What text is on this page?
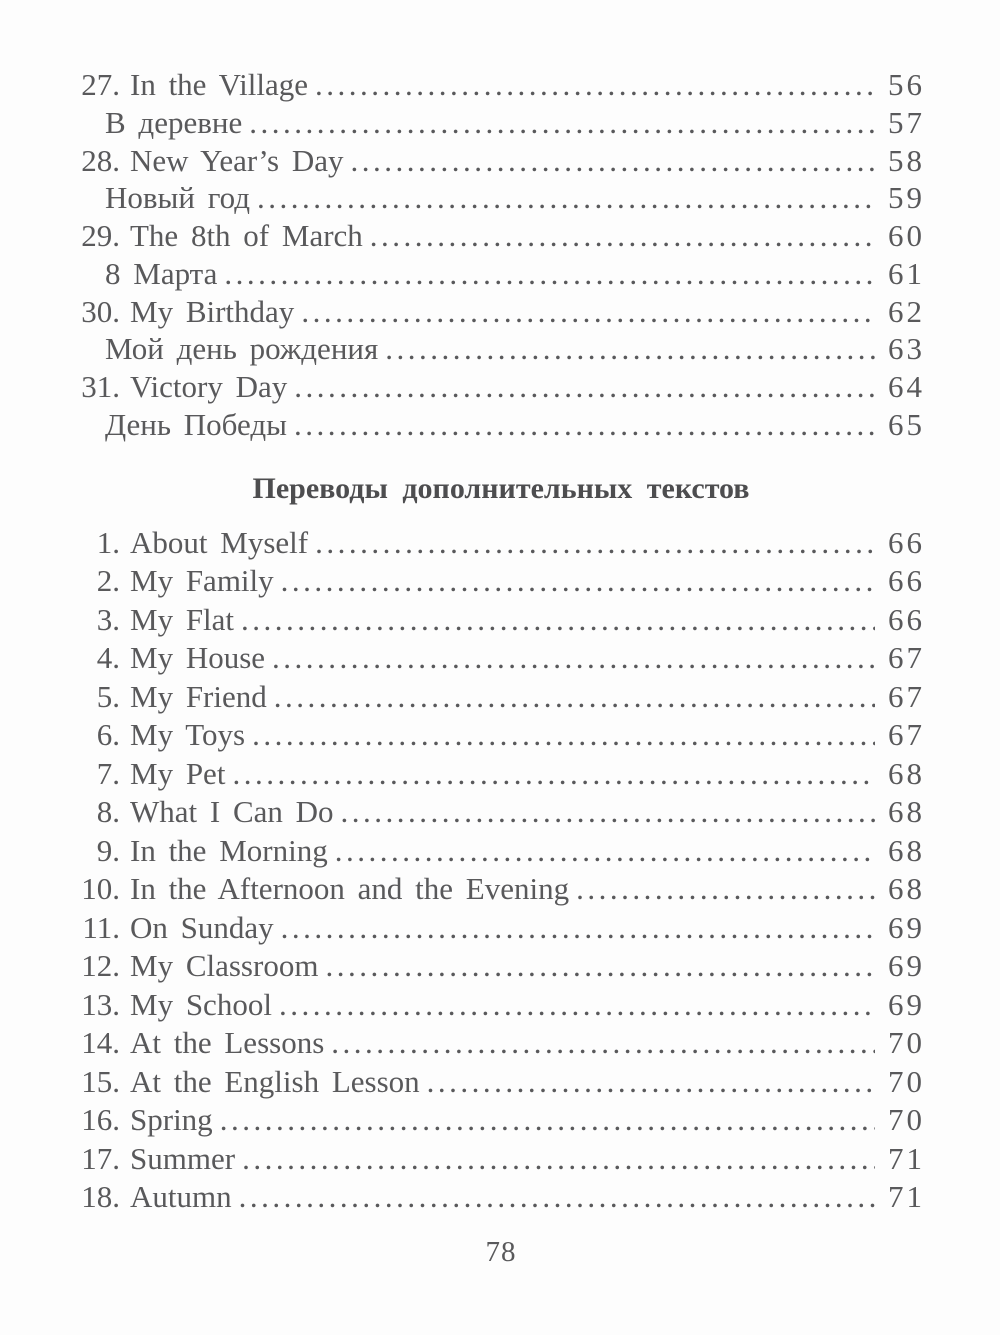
27. In the Village .....	56
В деревне .....	57
28. New Year’s Day .....	58
Новый год .....	59
29. The 8th of March .....	60
8 Марта .....	61
30. My Birthday .....	62
Мой день рождения .....	63
31. Victory Day .....	64
День Победы .....	65
Переводы дополнительных текстов
1. About Myself .....	66
2. My Family .....	66
3. My Flat .....	66
4. My House .....	67
5. My Friend .....	67
6. My Toys .....	67
7. My Pet .....	68
8. What I Can Do .....	68
9. In the Morning .....	68
10. In the Afternoon and the Evening .....	68
11. On Sunday .....	69
12. My Classroom .....	69
13. My School .....	69
14. At the Lessons .....	70
15. At the English Lesson .....	70
16. Spring .....	70
17. Summer .....	71
18. Autumn .....	71
78
